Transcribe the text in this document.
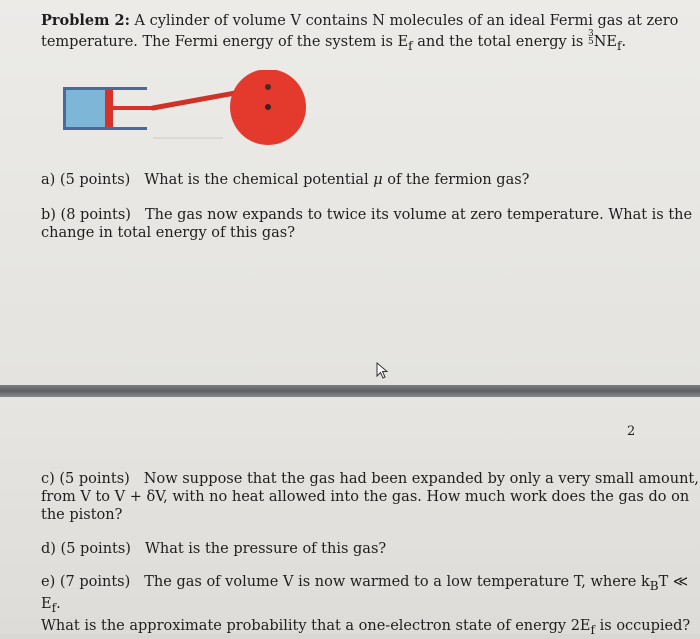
Problem 2: A cylinder of volume V contains N molecules of an ideal Fermi gas at zero
temperature. The Fermi energy of the system is $E_f$ and the total energy is 3
5 $NE_f$.

a) (5 points) What is the chemical potential μ of the fermion gas?

b) (8 points) The gas now expands to twice its volume at zero temperature. What is the
change in total energy of this gas?

2

c) (5 points) Now suppose that the gas had been expanded by only a very small amount,
from V to V + δV, with no heat allowed into the gas. How much work does the gas do on
the piston?

d) (5 points) What is the pressure of this gas?

e) (7 points) The gas of volume V is now warmed to a low temperature T, where $k_BT$ ≪ $E_f$.
What is the approximate probability that a one-electron state of energy $2E_f$ is occupied?
